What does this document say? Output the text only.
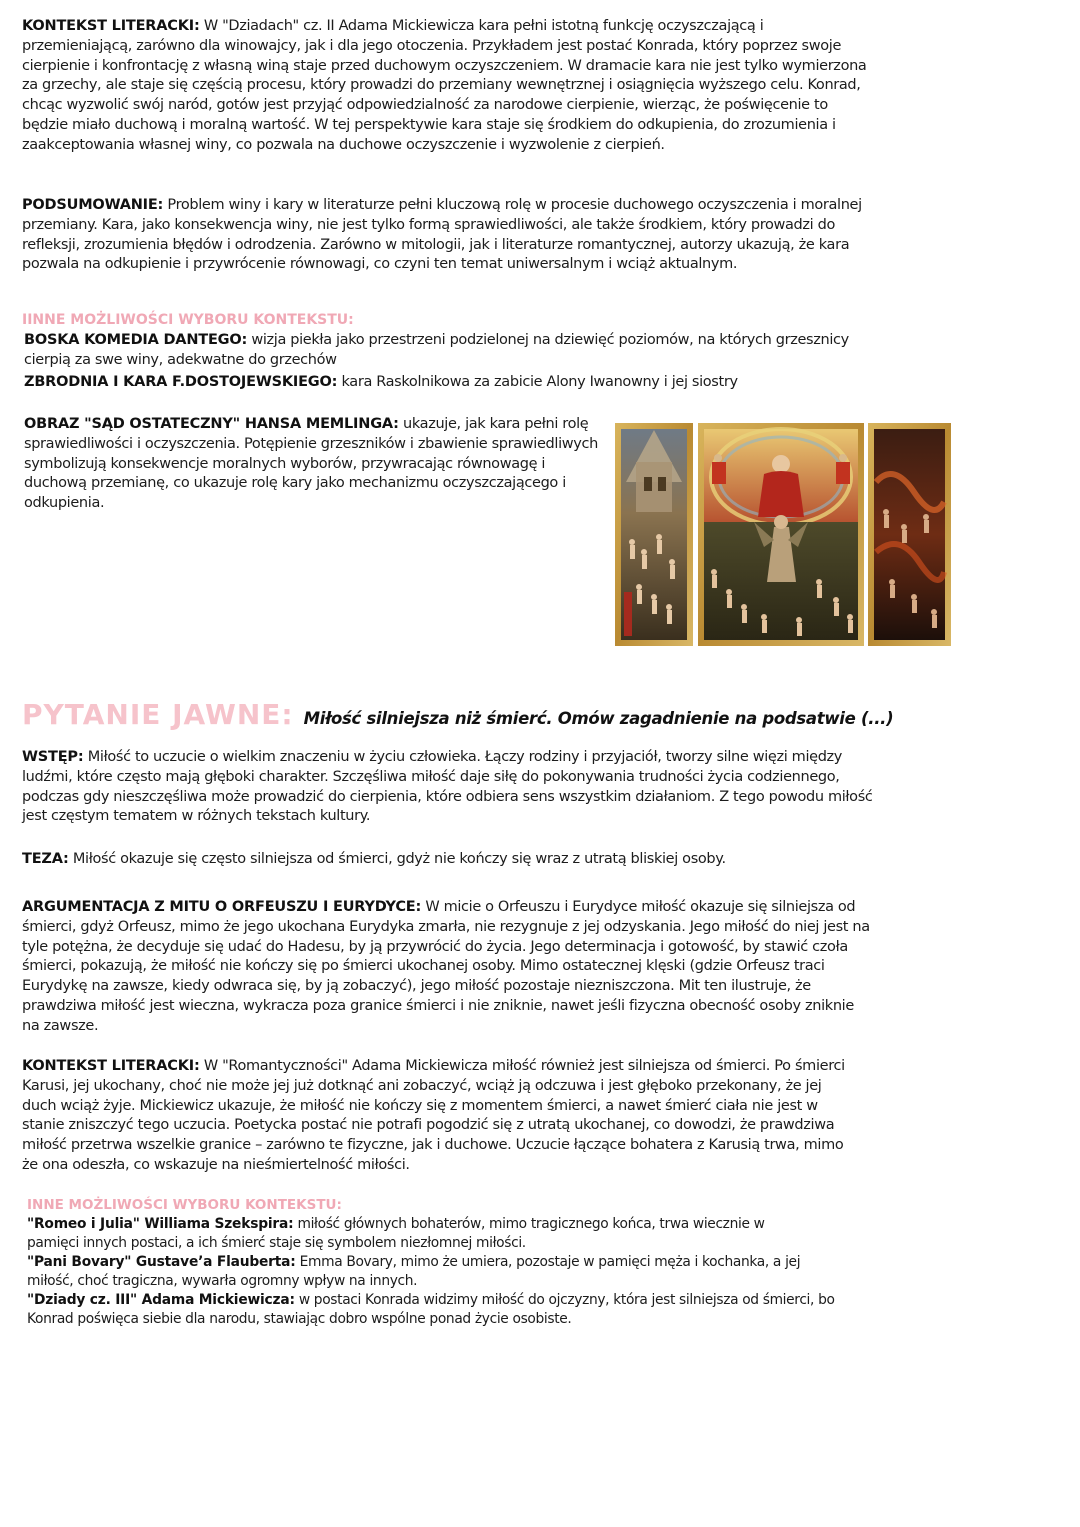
KONTEKST LITERACKI: W "Dziadach" cz. II Adama Mickiewicza kara pełni istotną funkcję oczyszczającą i przemieniającą, zarówno dla winowajcy, jak i dla jego otoczenia. Przykładem jest postać Konrada, który poprzez swoje cierpienie i konfrontację z własną winą staje przed duchowym oczyszczeniem. W dramacie kara nie jest tylko wymierzona za grzechy, ale staje się częścią procesu, który prowadzi do przemiany wewnętrznej i osiągnięcia wyższego celu. Konrad, chcąc wyzwolić swój naród, gotów jest przyjąć odpowiedzialność za narodowe cierpienie, wierząc, że poświęcenie to będzie miało duchową i moralną wartość. W tej perspektywie kara staje się środkiem do odkupienia, do zrozumienia i zaakceptowania własnej winy, co pozwala na duchowe oczyszczenie i wyzwolenie z cierpień.

PODSUMOWANIE: Problem winy i kary w literaturze pełni kluczową rolę w procesie duchowego oczyszczenia i moralnej przemiany. Kara, jako konsekwencja winy, nie jest tylko formą sprawiedliwości, ale także środkiem, który prowadzi do refleksji, zrozumienia błędów i odrodzenia. Zarówno w mitologii, jak i literaturze romantycznej, autorzy ukazują, że kara pozwala na odkupienie i przywrócenie równowagi, co czyni ten temat uniwersalnym i wciąż aktualnym.

IINNE MOŻLIWOŚCI WYBORU KONTEKSTU:

BOSKA KOMEDIA DANTEGO: wizja piekła jako przestrzeni podzielonej na dziewięć poziomów, na których grzesznicy cierpią za swe winy, adekwatne do grzechów

ZBRODNIA I KARA F.DOSTOJEWSKIEGO: kara Raskolnikowa za zabicie Alony Iwanowny i jej siostry

OBRAZ "SĄD OSTATECZNY" HANSA MEMLINGA: ukazuje, jak kara pełni rolę sprawiedliwości i oczyszczenia. Potępienie grzeszników i zbawienie sprawiedliwych symbolizują konsekwencje moralnych wyborów, przywracając równowagę i duchową przemianę, co ukazuje rolę kary jako mechanizmu oczyszczającego i odkupienia.

PYTANIE JAWNE: Miłość silniejsza niż śmierć. Omów zagadnienie na podsatwie (...)

WSTĘP: Miłość to uczucie o wielkim znaczeniu w życiu człowieka. Łączy rodziny i przyjaciół, tworzy silne więzi między ludźmi, które często mają głęboki charakter. Szczęśliwa miłość daje siłę do pokonywania trudności życia codziennego, podczas gdy nieszczęśliwa może prowadzić do cierpienia, które odbiera sens wszystkim działaniom. Z tego powodu miłość jest częstym tematem w różnych tekstach kultury.

TEZA: Miłość okazuje się często silniejsza od śmierci, gdyż nie kończy się wraz z utratą bliskiej osoby.

ARGUMENTACJA Z MITU O ORFEUSZU I EURYDYCE: W micie o Orfeuszu i Eurydyce miłość okazuje się silniejsza od śmierci, gdyż Orfeusz, mimo że jego ukochana Eurydyka zmarła, nie rezygnuje z jej odzyskania. Jego miłość do niej jest na tyle potężna, że decyduje się udać do Hadesu, by ją przywrócić do życia. Jego determinacja i gotowość, by stawić czoła śmierci, pokazują, że miłość nie kończy się po śmierci ukochanej osoby. Mimo ostatecznej klęski (gdzie Orfeusz traci Eurydykę na zawsze, kiedy odwraca się, by ją zobaczyć), jego miłość pozostaje niezniszczona. Mit ten ilustruje, że prawdziwa miłość jest wieczna, wykracza poza granice śmierci i nie zniknie, nawet jeśli fizyczna obecność osoby zniknie na zawsze.

KONTEKST LITERACKI: W "Romantyczności" Adama Mickiewicza miłość również jest silniejsza od śmierci. Po śmierci Karusi, jej ukochany, choć nie może jej już dotknąć ani zobaczyć, wciąż ją odczuwa i jest głęboko przekonany, że jej duch wciąż żyje. Mickiewicz ukazuje, że miłość nie kończy się z momentem śmierci, a nawet śmierć ciała nie jest w stanie zniszczyć tego uczucia. Poetycka postać nie potrafi pogodzić się z utratą ukochanej, co dowodzi, że prawdziwa miłość przetrwa wszelkie granice – zarówno te fizyczne, jak i duchowe. Uczucie łączące bohatera z Karusią trwa, mimo że ona odeszła, co wskazuje na nieśmiertelność miłości.

INNE MOŻLIWOŚCI WYBORU KONTEKSTU:

"Romeo i Julia" Williama Szekspira: miłość głównych bohaterów, mimo tragicznego końca, trwa wiecznie w pamięci innych postaci, a ich śmierć staje się symbolem niezłomnej miłości.

"Pani Bovary" Gustave’a Flauberta: Emma Bovary, mimo że umiera, pozostaje w pamięci męża i kochanka, a jej miłość, choć tragiczna, wywarła ogromny wpływ na innych.

"Dziady cz. III" Adama Mickiewicza: w postaci Konrada widzimy miłość do ojczyzny, która jest silniejsza od śmierci, bo Konrad poświęca siebie dla narodu, stawiając dobro wspólne ponad życie osobiste.
